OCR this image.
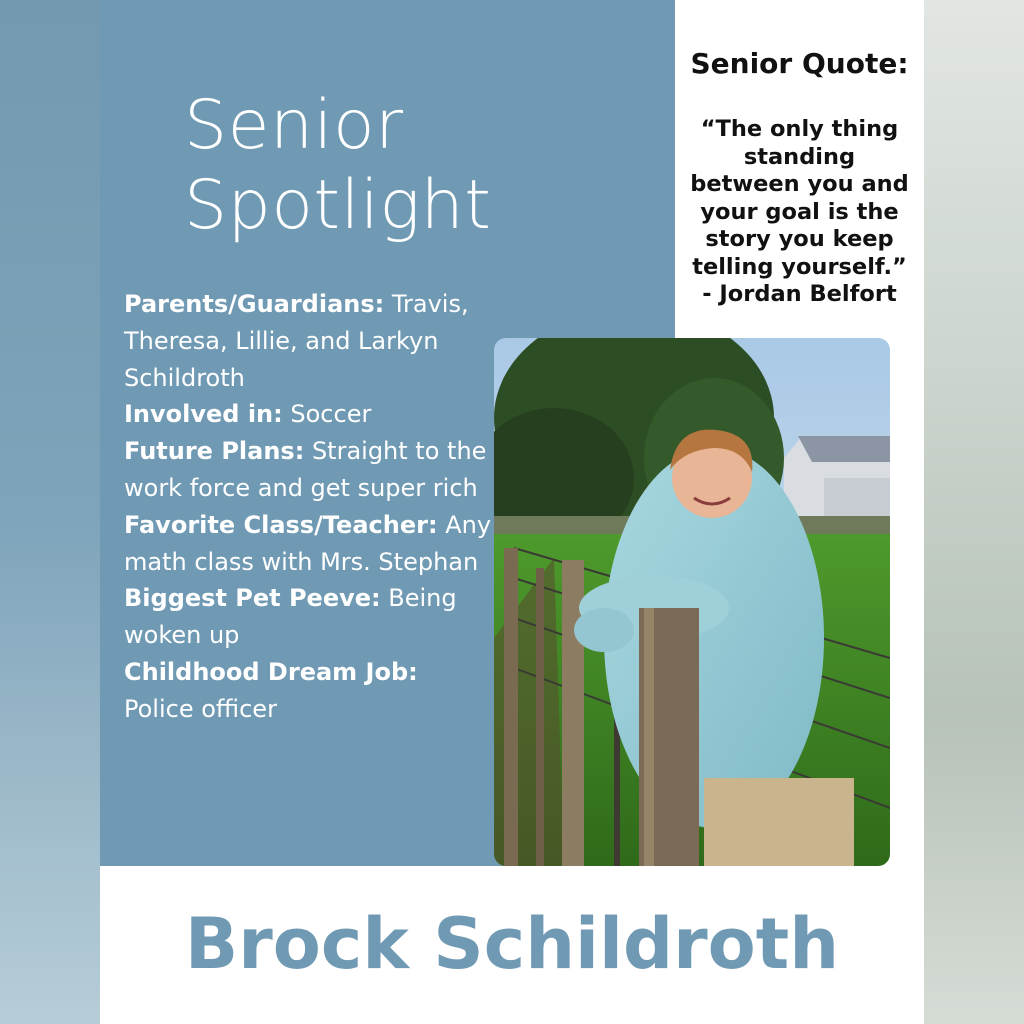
Senior
Spotlight

Parents/Guardians: Travis, Theresa, Lillie, and Larkyn Schildroth

Involved in: Soccer

Future Plans: Straight to the work force and get super rich

Favorite Class/Teacher: Any math class with Mrs. Stephan

Biggest Pet Peeve: Being woken up

Childhood Dream Job: Police officer

Senior Quote:
“The only thing
standing
between you and
your goal is the
story you keep
telling yourself.”
- Jordan Belfort
Brock Schildroth
